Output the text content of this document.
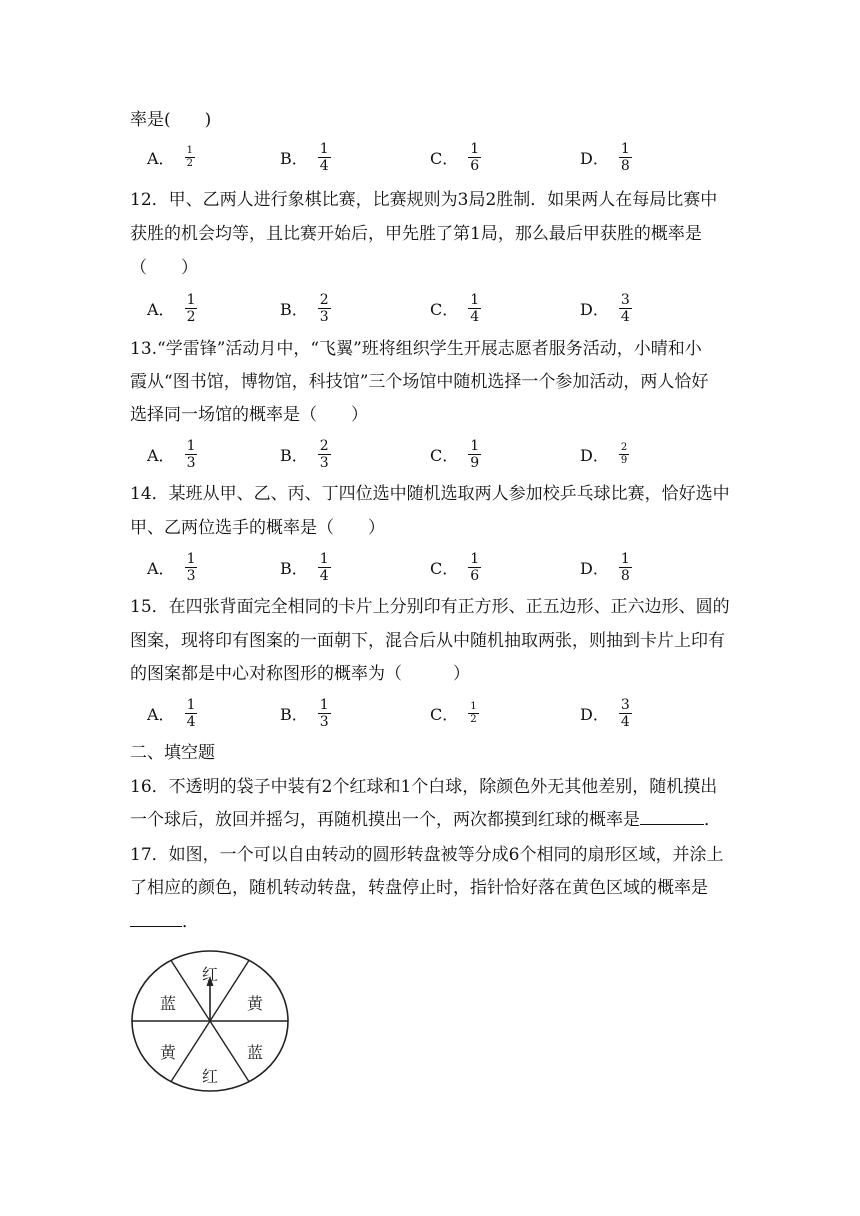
率是(　　)
A． $\frac{1}{2}$	B． $\frac{1}{4}$	C． $\frac{1}{6}$	D． $\frac{1}{8}$
12．甲、乙两人进行象棋比赛，比赛规则为3局2胜制．如果两人在每局比赛中
获胜的机会均等，且比赛开始后，甲先胜了第1局，那么最后甲获胜的概率是
（　　）
A． $\frac{1}{2}$	B． $\frac{2}{3}$	C． $\frac{1}{4}$	D． $\frac{3}{4}$
13.“学雷锋”活动月中，“飞翼”班将组织学生开展志愿者服务活动，小晴和小
霞从“图书馆，博物馆，科技馆”三个场馆中随机选择一个参加活动，两人恰好
选择同一场馆的概率是（　　）
A． $\frac{1}{3}$	B． $\frac{2}{3}$	C． $\frac{1}{9}$	D． $\frac{2}{9}$
14．某班从甲、乙、丙、丁四位选中随机选取两人参加校乒乓球比赛，恰好选中
甲、乙两位选手的概率是（　　）
A． $\frac{1}{3}$	B． $\frac{1}{4}$	C． $\frac{1}{6}$	D． $\frac{1}{8}$
15．在四张背面完全相同的卡片上分别印有正方形、正五边形、正六边形、圆的
图案，现将印有图案的一面朝下，混合后从中随机抽取两张，则抽到卡片上印有
的图案都是中心对称图形的概率为（　　　）
A． $\frac{1}{4}$	B． $\frac{1}{3}$	C． $\frac{1}{2}$	D． $\frac{3}{4}$
二、填空题
16．不透明的袋子中装有2个红球和1个白球，除颜色外无其他差别，随机摸出
一个球后，放回并摇匀，再随机摸出一个，两次都摸到红球的概率是	．
17．如图，一个可以自由转动的圆形转盘被等分成6个相同的扇形区域，并涂上
了相应的颜色，随机转动转盘，转盘停止时，指针恰好落在黄色区域的概率是
．
红
黄
蓝
红
黄
蓝
